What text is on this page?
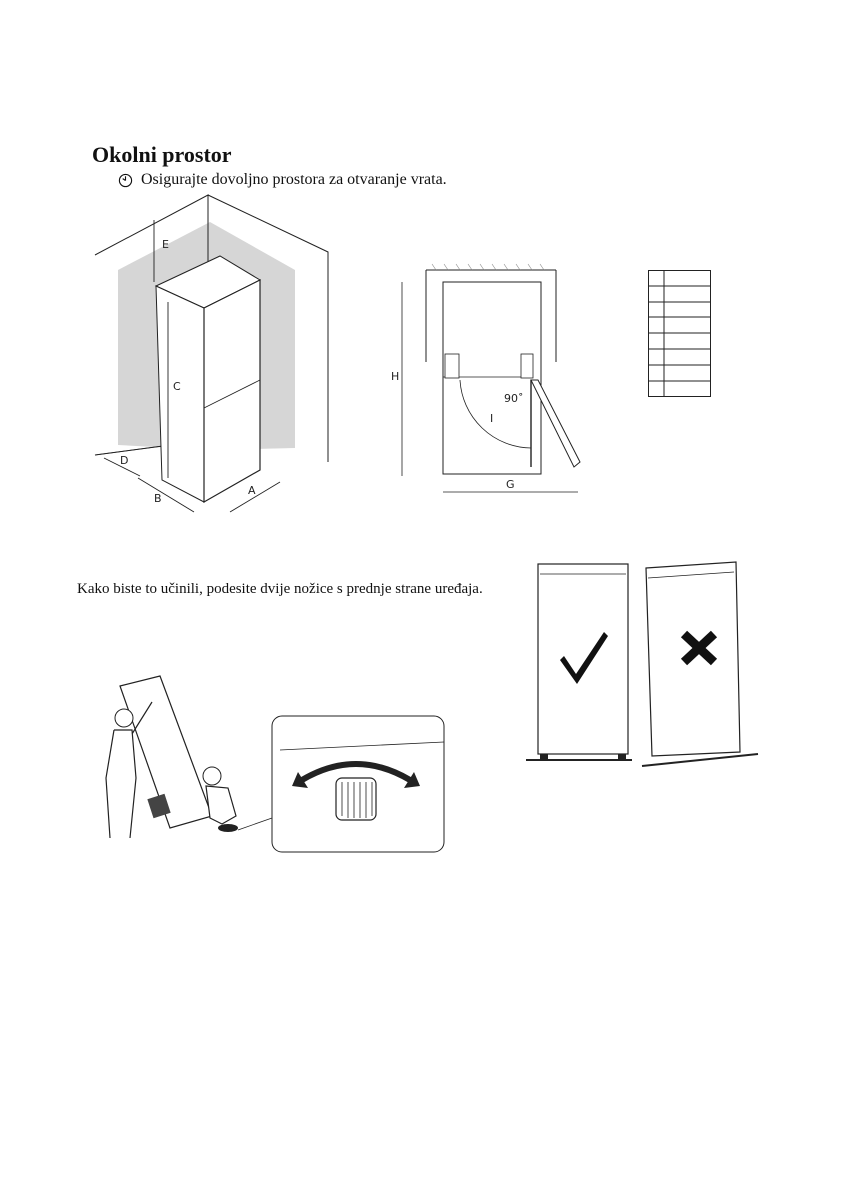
Okolni prostor
Osigurajte dovoljno prostora za otvaranje vrata.
E
C
D
B
A
90˚
I
H
G
Kako biste to učinili, podesite dvije nožice s prednje strane uređaja.
